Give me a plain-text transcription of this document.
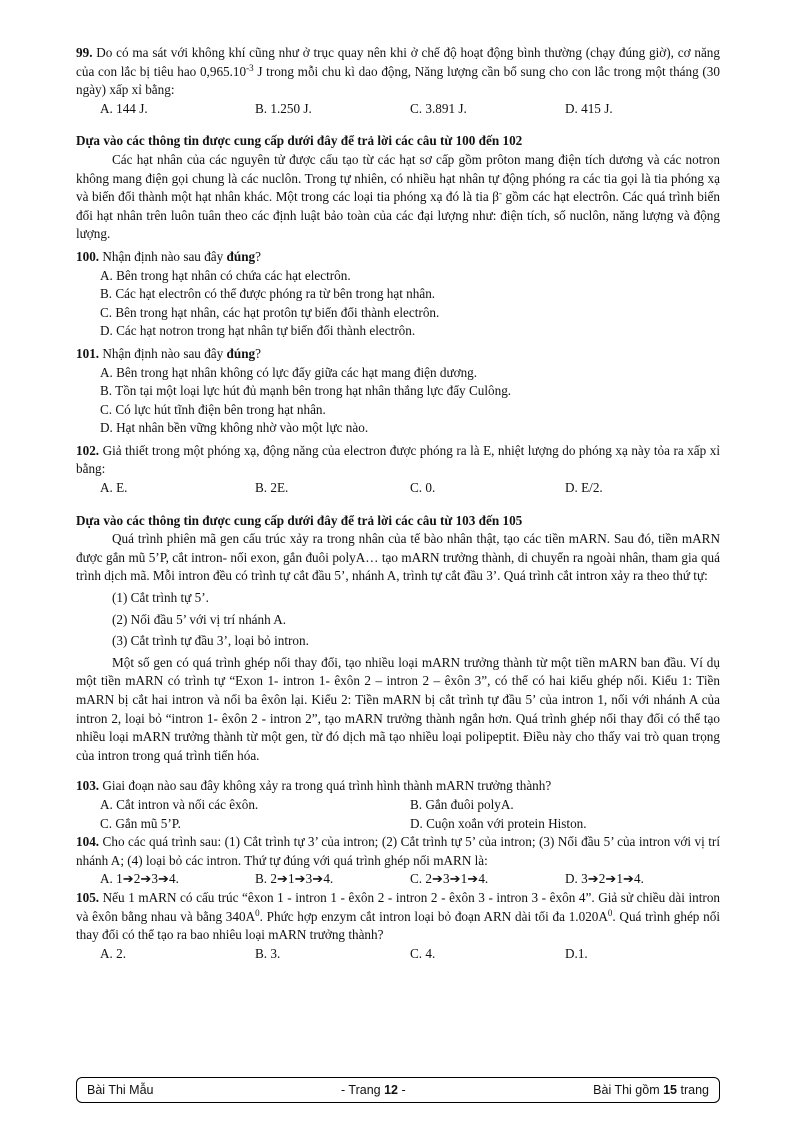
99. Do có ma sát với không khí cũng như ở trục quay nên khi ở chế độ hoạt động bình thường (chạy đúng giờ), cơ năng của con lắc bị tiêu hao $0,965.10^{-3}$ J trong mỗi chu kì dao động, Năng lượng cần bổ sung cho con lắc trong một tháng (30 ngày) xấp xỉ bằng:

A. 144 J.	B. 1.250 J.	C. 3.891 J.	D. 415 J.

Dựa vào các thông tin được cung cấp dưới đây để trả lời các câu từ 100 đến 102

Các hạt nhân của các nguyên tử được cấu tạo từ các hạt sơ cấp gồm prôton mang điện tích dương và các notron không mang điện gọi chung là các nuclôn. Trong tự nhiên, có nhiều hạt nhân tự động phóng ra các tia gọi là tia phóng xạ và biến đổi thành một hạt nhân khác. Một trong các loại tia phóng xạ đó là tia β- gồm các hạt electrôn. Các quá trình biến đổi hạt nhân trên luôn tuân theo các định luật bảo toàn của các đại lượng như: điện tích, số nuclôn, năng lượng và động lượng.

100. Nhận định nào sau đây đúng?

A. Bên trong hạt nhân có chứa các hạt electrôn.

B. Các hạt electrôn có thể được phóng ra từ bên trong hạt nhân.

C. Bên trong hạt nhân, các hạt protôn tự biến đổi thành electrôn.

D. Các hạt notron trong hạt nhân tự biến đổi thành electrôn.

101. Nhận định nào sau đây đúng?

A. Bên trong hạt nhân không có lực đẩy giữa các hạt mang điện dương.

B. Tồn tại một loại lực hút đủ mạnh bên trong hạt nhân thắng lực đẩy Culông.

C. Có lực hút tĩnh điện bên trong hạt nhân.

D. Hạt nhân bền vững không nhờ vào một lực nào.

102. Giả thiết trong một phóng xạ, động năng của electron được phóng ra là E, nhiệt lượng do phóng xạ này tỏa ra xấp xỉ bằng:

A. E.	B. 2E.	C. 0.	D. E/2.

Dựa vào các thông tin được cung cấp dưới đây để trả lời các câu từ 103 đến 105

Quá trình phiên mã gen cấu trúc xảy ra trong nhân của tế bào nhân thật, tạo các tiền mARN. Sau đó, tiền mARN được gắn mũ 5’P, cắt intron- nối exon, gắn đuôi polyA… tạo mARN trưởng thành, di chuyển ra ngoài nhân, tham gia quá trình dịch mã. Mỗi intron đều có trình tự cắt đầu 5’, nhánh A, trình tự cắt đầu 3’. Quá trình cắt intron xảy ra theo thứ tự:

(1) Cắt trình tự 5’.

(2) Nối đầu 5’ với vị trí nhánh A.

(3) Cắt trình tự đầu 3’, loại bỏ intron.

Một số gen có quá trình ghép nối thay đổi, tạo nhiều loại mARN trưởng thành từ một tiền mARN ban đầu. Ví dụ một tiền mARN có trình tự “Exon 1- intron 1- êxôn 2 – intron 2 – êxôn 3”, có thể có hai kiểu ghép nối. Kiểu 1: Tiền mARN bị cắt hai intron và nối ba êxôn lại. Kiểu 2: Tiền mARN bị cắt trình tự đầu 5’ của intron 1, nối với nhánh A của intron 2, loại bỏ “intron 1- êxôn 2 - intron 2”, tạo mARN trưởng thành ngắn hơn. Quá trình ghép nối thay đổi có thể tạo nhiều loại mARN trưởng thành từ một gen, từ đó dịch mã tạo nhiều loại polipeptit. Điều này cho thấy vai trò quan trọng của intron trong quá trình tiến hóa.

103. Giai đoạn nào sau đây không xảy ra trong quá trình hình thành mARN trưởng thành?

A. Cắt intron và nối các êxôn.	B. Gắn đuôi polyA.
C. Gắn mũ 5’P.	D. Cuộn xoắn với protein Histon.

104. Cho các quá trình sau: (1) Cắt trình tự 3’ của intron; (2) Cắt trình tự 5’ của intron; (3) Nối đầu 5’ của intron với vị trí nhánh A; (4) loại bỏ các intron. Thứ tự đúng với quá trình ghép nối mARN là:

A. 1➔2➔3➔4.	B. 2➔1➔3➔4.	C. 2➔3➔1➔4.	D. 3➔2➔1➔4.

105. Nếu 1 mARN có cấu trúc “êxon 1 - intron 1 - êxôn 2 - intron 2 - êxôn 3 - intron 3 - êxôn 4”. Giả sử chiều dài intron và êxôn bằng nhau và bằng $340A^0$. Phức hợp enzym cắt intron loại bỏ đoạn ARN dài tối đa $1.020A^0$. Quá trình ghép nối thay đổi có thể tạo ra bao nhiêu loại mARN trưởng thành?

A. 2.	B. 3.	C. 4.	D.1.
Bài Thi Mẫu	- Trang 12 -	Bài Thi gồm 15 trang
